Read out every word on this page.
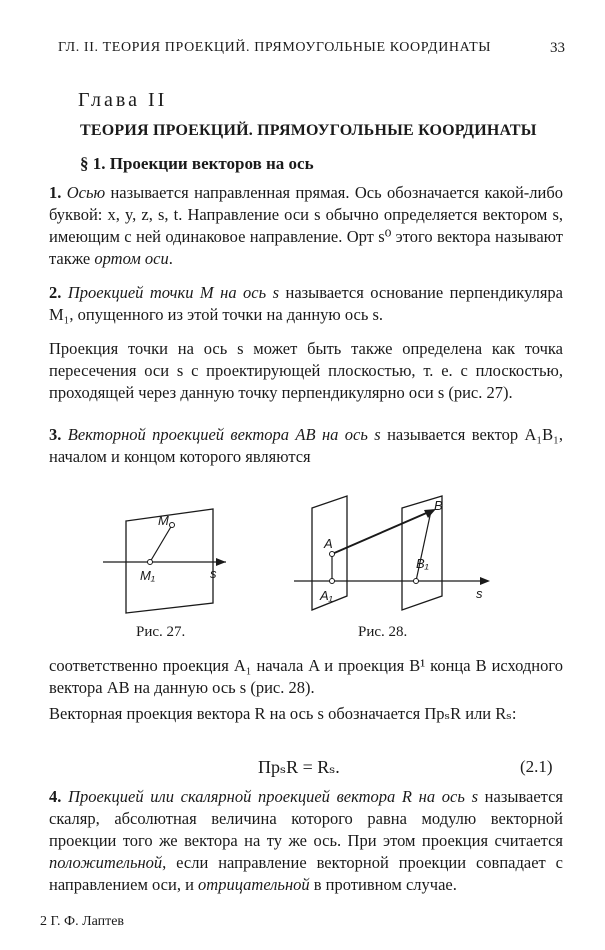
ГЛ. II. ТЕОРИЯ ПРОЕКЦИЙ. ПРЯМОУГОЛЬНЫЕ КООРДИНАТЫ	33
Глава II
ТЕОРИЯ ПРОЕКЦИЙ. ПРЯМОУГОЛЬНЫЕ КООРДИНАТЫ
§ 1. Проекции векторов на ось

1. Осью называется направленная прямая. Ось обозначается какой-либо буквой: x, y, z, s, t. Направление оси s обычно определяется вектором s, имеющим с ней одинаковое направление. Орт s⁰ этого вектора называют также ортом оси.

2. Проекцией точки M на ось s называется основание перпендикуляра M₁, опущенного из этой точки на данную ось s.

Проекция точки на ось s может быть также определена как точка пересечения оси s с проектирующей плоскостью, т. е. с плоскостью, проходящей через данную точку перпендикулярно оси s (рис. 27).

3. Векторной проекцией вектора AB на ось s называется вектор A₁B₁, началом и концом которого являются

M
M₁	s
A
B
A₁
B₁
s
Рис. 27.	Рис. 28.

соответственно проекция A₁ начала A и проекция B¹ конца B исходного вектора AB на данную ось s (рис. 28).

Векторная проекция вектора R на ось s обозначается ПрₛR или Rₛ:

ПрₛR = Rₛ.	(2.1)

4. Проекцией или скалярной проекцией вектора R на ось s называется скаляр, абсолютная величина которого равна модулю векторной проекции того же вектора на ту же ось. При этом проекция считается положительной, если направление векторной проекции совпадает с направлением оси, и отрицательной в противном случае.

2 Г. Ф. Лаптев
